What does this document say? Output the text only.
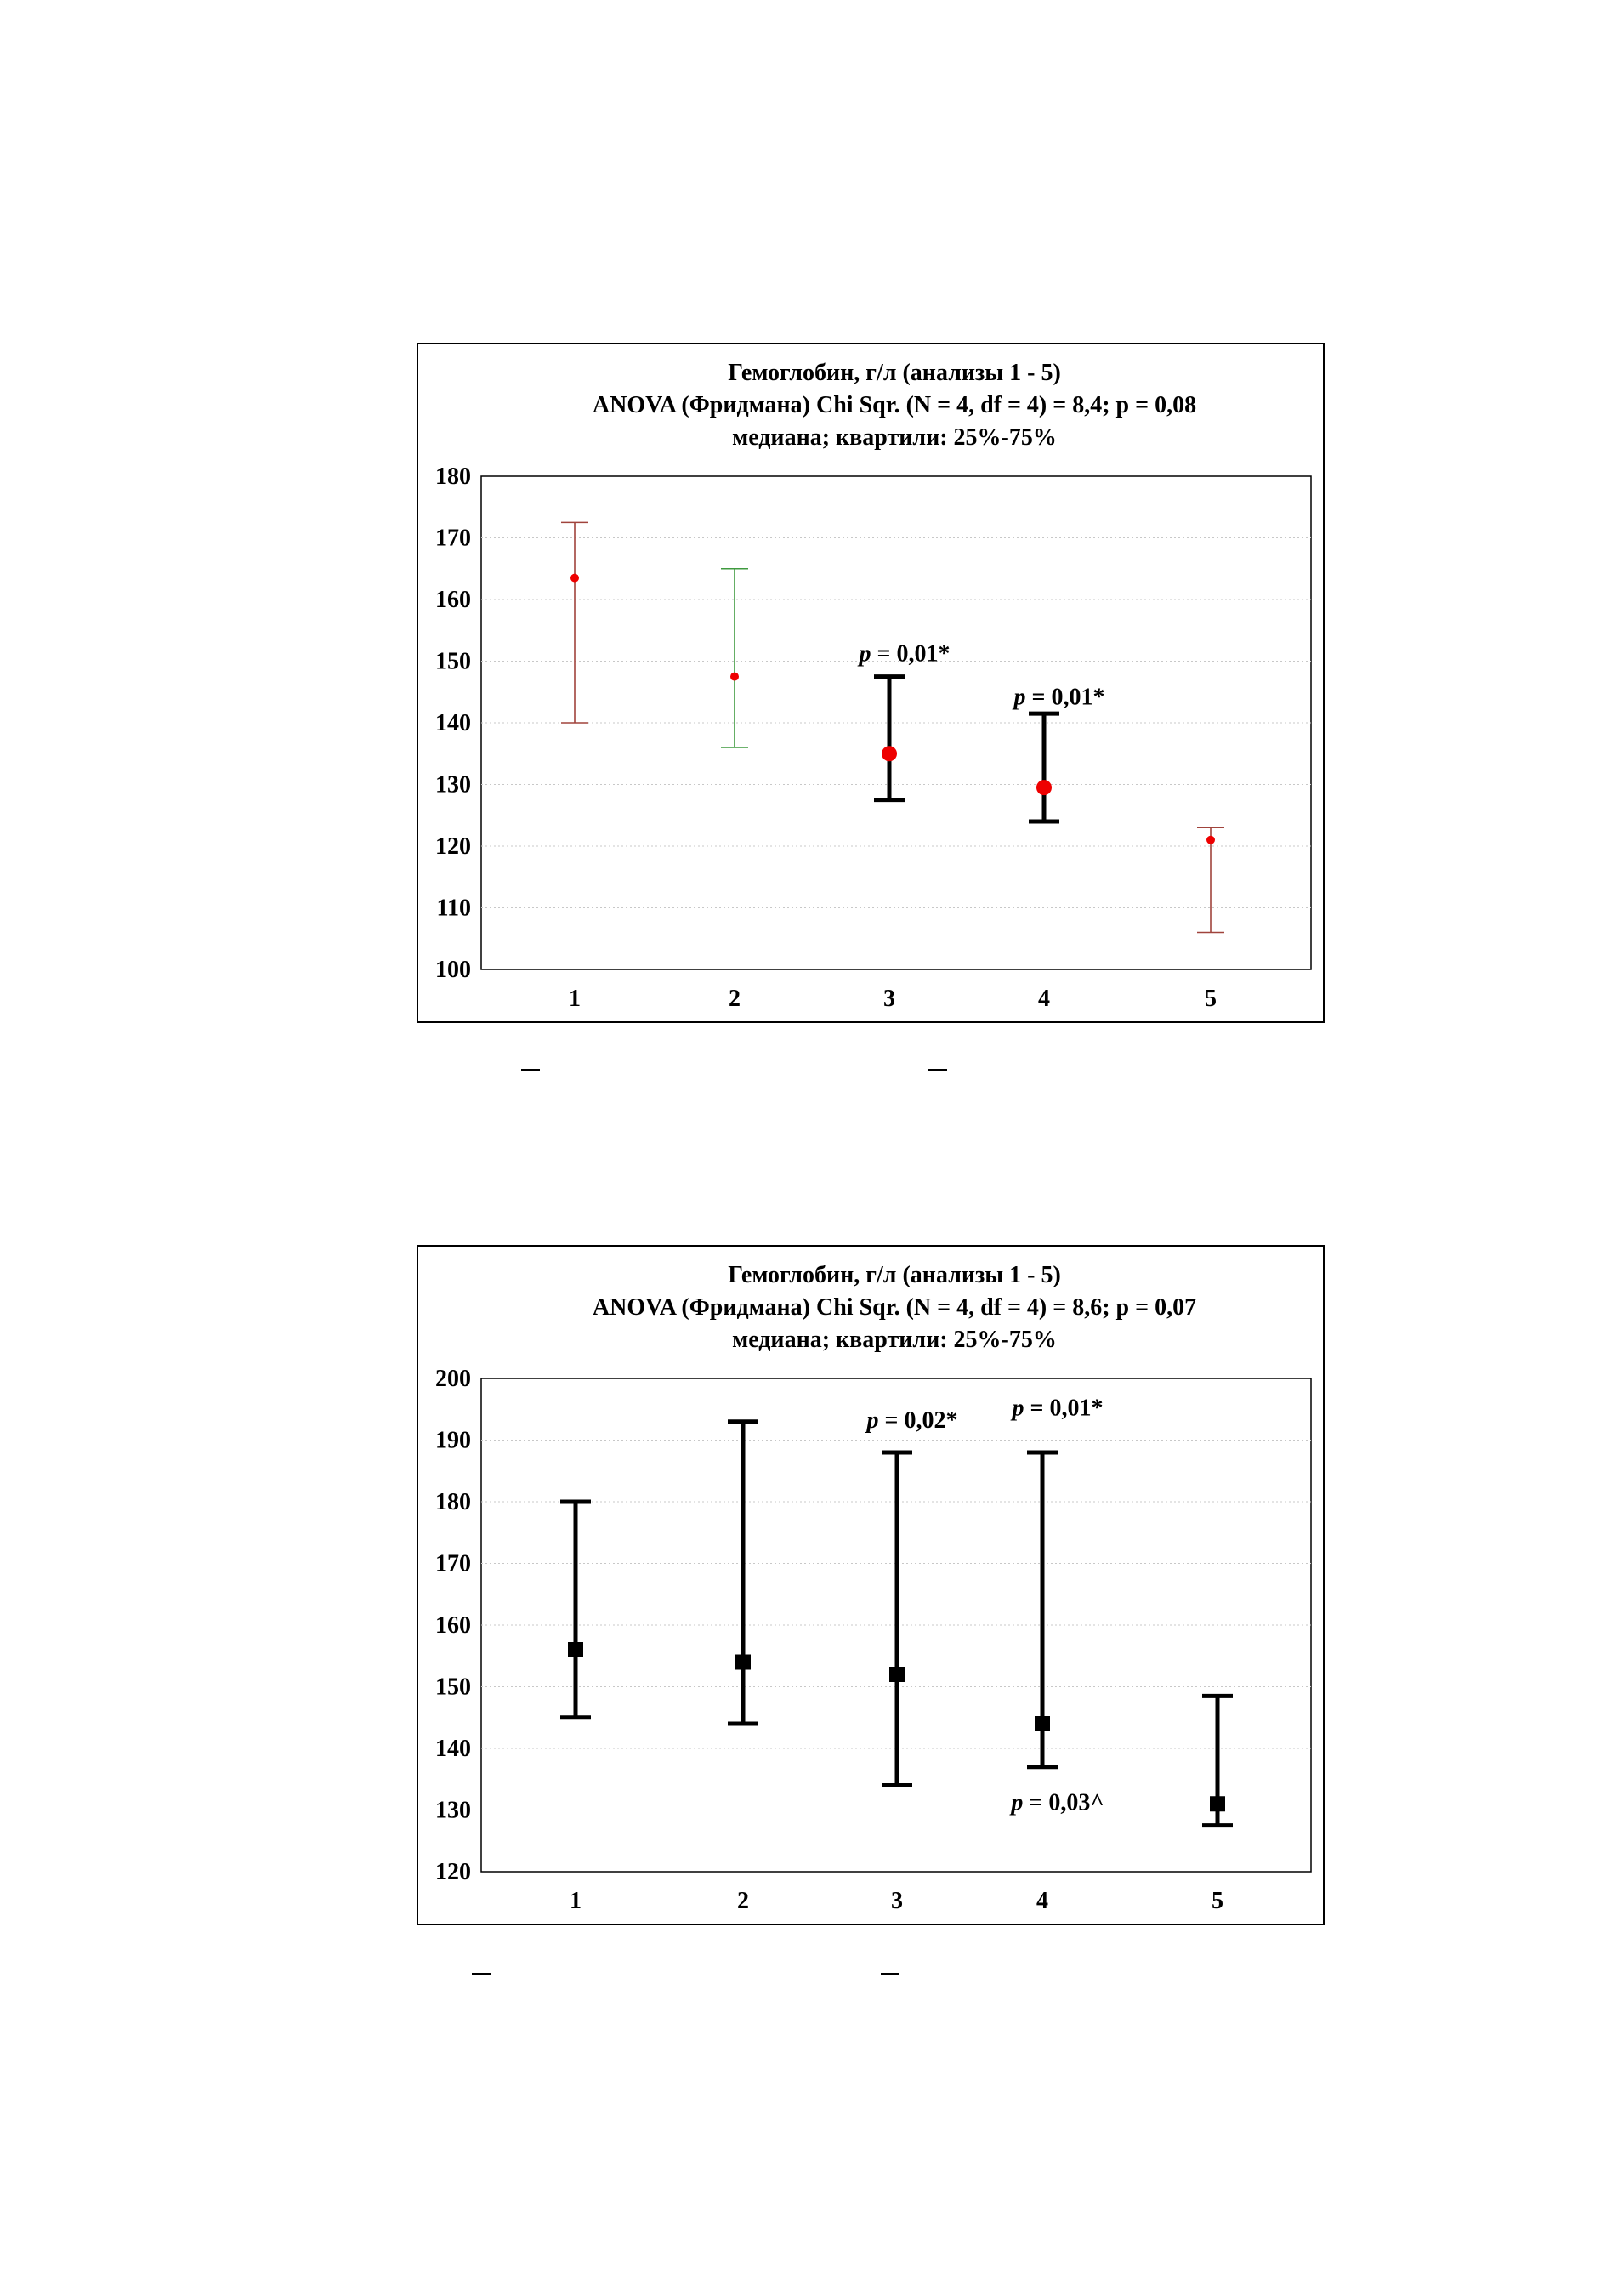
Гемоглобин, г/л (анализы 1 - 5)
ANOVA (Фридмана) Chi Sqr. (N = 4, df = 4) = 8,4; p = 0,08
медиана; квартили: 25%-75%
100
110
120
130
140
150
160
170
180
1	2	3	4	5
p = 0,01*
p = 0,01*
Гемоглобин, г/л (анализы 1 - 5)
ANOVA (Фридмана) Chi Sqr. (N = 4, df = 4) = 8,6; p = 0,07
медиана; квартили: 25%-75%
120
130
140
150
160
170
180
190
200
1	2	3	4	5
p = 0,02* p = 0,01*
p = 0,03^
